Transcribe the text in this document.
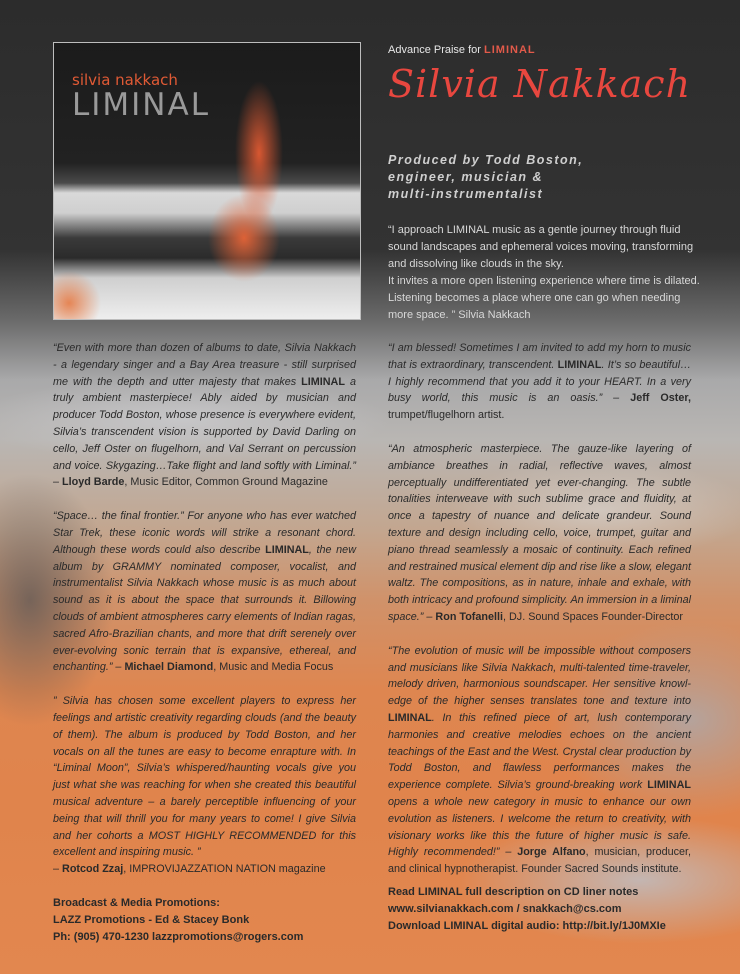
silvia nakkach
LIMINAL
Advance Praise for LIMINAL
Silvia Nakkach
Produced by Todd Boston,
engineer, musician &
multi-instrumentalist
“I approach LIMINAL music as a gentle journey through fluid sound landscapes and ephemeral voices moving, transforming and dissolving like clouds in the sky.
It invites a more open listening experience where time is dilated. Listening becomes a place where one can go when needing more space. ” Silvia Nakkach

“Even with more than dozen of albums to date, Silvia Nakkach - a legendary singer and a Bay Area treasure - still surprised me with the depth and utter majesty that makes LIMINAL a truly ambient masterpiece! Ably aided by musician and producer Todd Boston, whose presence is everywhere evident, Silvia’s transcendent vision is supported by David Darling on cello, Jeff Oster on flugelhorn, and Val Serrant on percussion and voice. Skygazing…Take flight and land softly with Liminal.” – Lloyd Barde, Music Editor, Common Ground Magazine

“Space… the final frontier.” For anyone who has ever watched Star Trek, these iconic words will strike a resonant chord. Although these words could also describe LIMINAL, the new album by GRAMMY nominated composer, vocalist, and instrumentalist Silvia Nakkach whose music is as much about sound as it is about the space that surrounds it. Billowing clouds of ambient atmospheres carry elements of Indian ragas, sacred Afro-Brazilian chants, and more that drift serenely over ever-evolving sonic terrain that is expansive, ethereal, and enchanting.” – Michael Diamond, Music and Media Focus

” Silvia has chosen some excellent players to express her feelings and artistic creativity regarding clouds (and the beauty of them). The album is produced by Todd Boston, and her vocals on all the tunes are easy to become enrapture with. In “Liminal Moon”, Silvia’s whispered/haunting vocals give you just what she was reaching for when she created this beautiful musical adventure – a barely perceptible influencing of your being that will thrill you for many years to come! I give Silvia and her cohorts a MOST HIGHLY RECOMMENDED for this excellent and inspiring music. ”
– Rotcod Zzaj, IMPROVIJAZZATION NATION magazine

Broadcast & Media Promotions:
LAZZ Promotions - Ed & Stacey Bonk
Ph: (905) 470-1230 lazzpromotions@rogers.com

“I am blessed! Sometimes I am invited to add my horn to music that is extraordinary, transcendent. LIMINAL. It’s so beautiful…I highly recommend that you add it to your HEART. In a very busy world, this music is an oasis.” – Jeff Oster, trumpet/flugelhorn artist.

“An atmospheric masterpiece. The gauze-like layering of ambiance breathes in radial, reflective waves, almost perceptually undifferentiated yet ever-changing. The subtle tonalities interweave with such sublime grace and fluidity, at once a tapestry of nuance and delicate grandeur. Sound texture and design including cello, voice, trumpet, guitar and piano thread seamlessly a mosaic of continuity. Each refined and restrained musical element dip and rise like a slow, elegant waltz. The compositions, as in nature, inhale and exhale, with both intricacy and profound simplicity. An immersion in a liminal space.” – Ron Tofanelli, DJ. Sound Spaces Founder-Director

“The evolution of music will be impossible without composers and musicians like Silvia Nakkach, multi-talented time-traveler, melody driven, harmonious soundscaper. Her sensitive knowledge of the higher senses translates tone and texture into LIMINAL. In this refined piece of art, lush contemporary harmonies and creative melodies echoes on the ancient teachings of the East and the West. Crystal clear production by Todd Boston, and flawless performances makes the experience complete. Silvia’s ground-breaking work LIMINAL opens a whole new category in music to enhance our own evolution as listeners. I welcome the return to creativity, with visionary works like this the future of higher music is safe. Highly recommended!” – Jorge Alfano, musician, producer, and clinical hypnotherapist. Founder Sacred Sounds institute.

Read LIMINAL full description on CD liner notes
www.silvianakkach.com / snakkach@cs.com
Download LIMINAL digital audio: http://bit.ly/1J0MXIe
